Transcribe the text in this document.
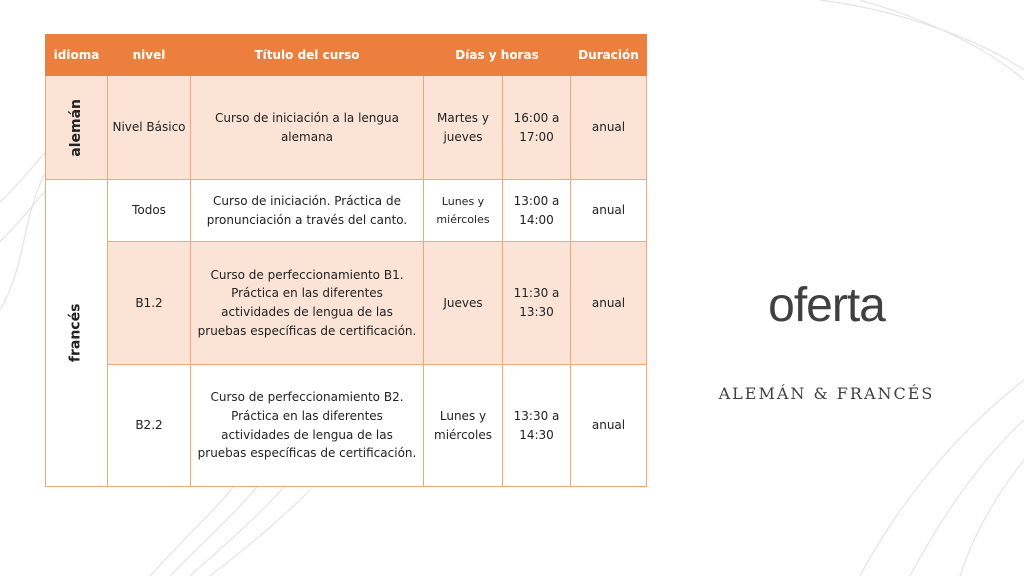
idioma	nivel	Título del curso	Días y horas		Duración
alemán	Nivel Básico	Curso de iniciación a la lengua alemana	Martes y jueves	16:00 a 17:00	anual
francés	Todos	Curso de iniciación. Práctica de pronunciación a través del canto.	Lunes y miércoles	13:00 a 14:00	anual
	B1.2	Curso de perfeccionamiento B1. Práctica en las diferentes actividades de lengua de las pruebas específicas de certificación.	Jueves	11:30 a 13:30	anual
	B2.2	Curso de perfeccionamiento B2. Práctica en las diferentes actividades de lengua de las pruebas específicas de certificación.	Lunes y miércoles	13:30 a 14:30	anual
oferta
ALEMÁN & FRANCÉS
